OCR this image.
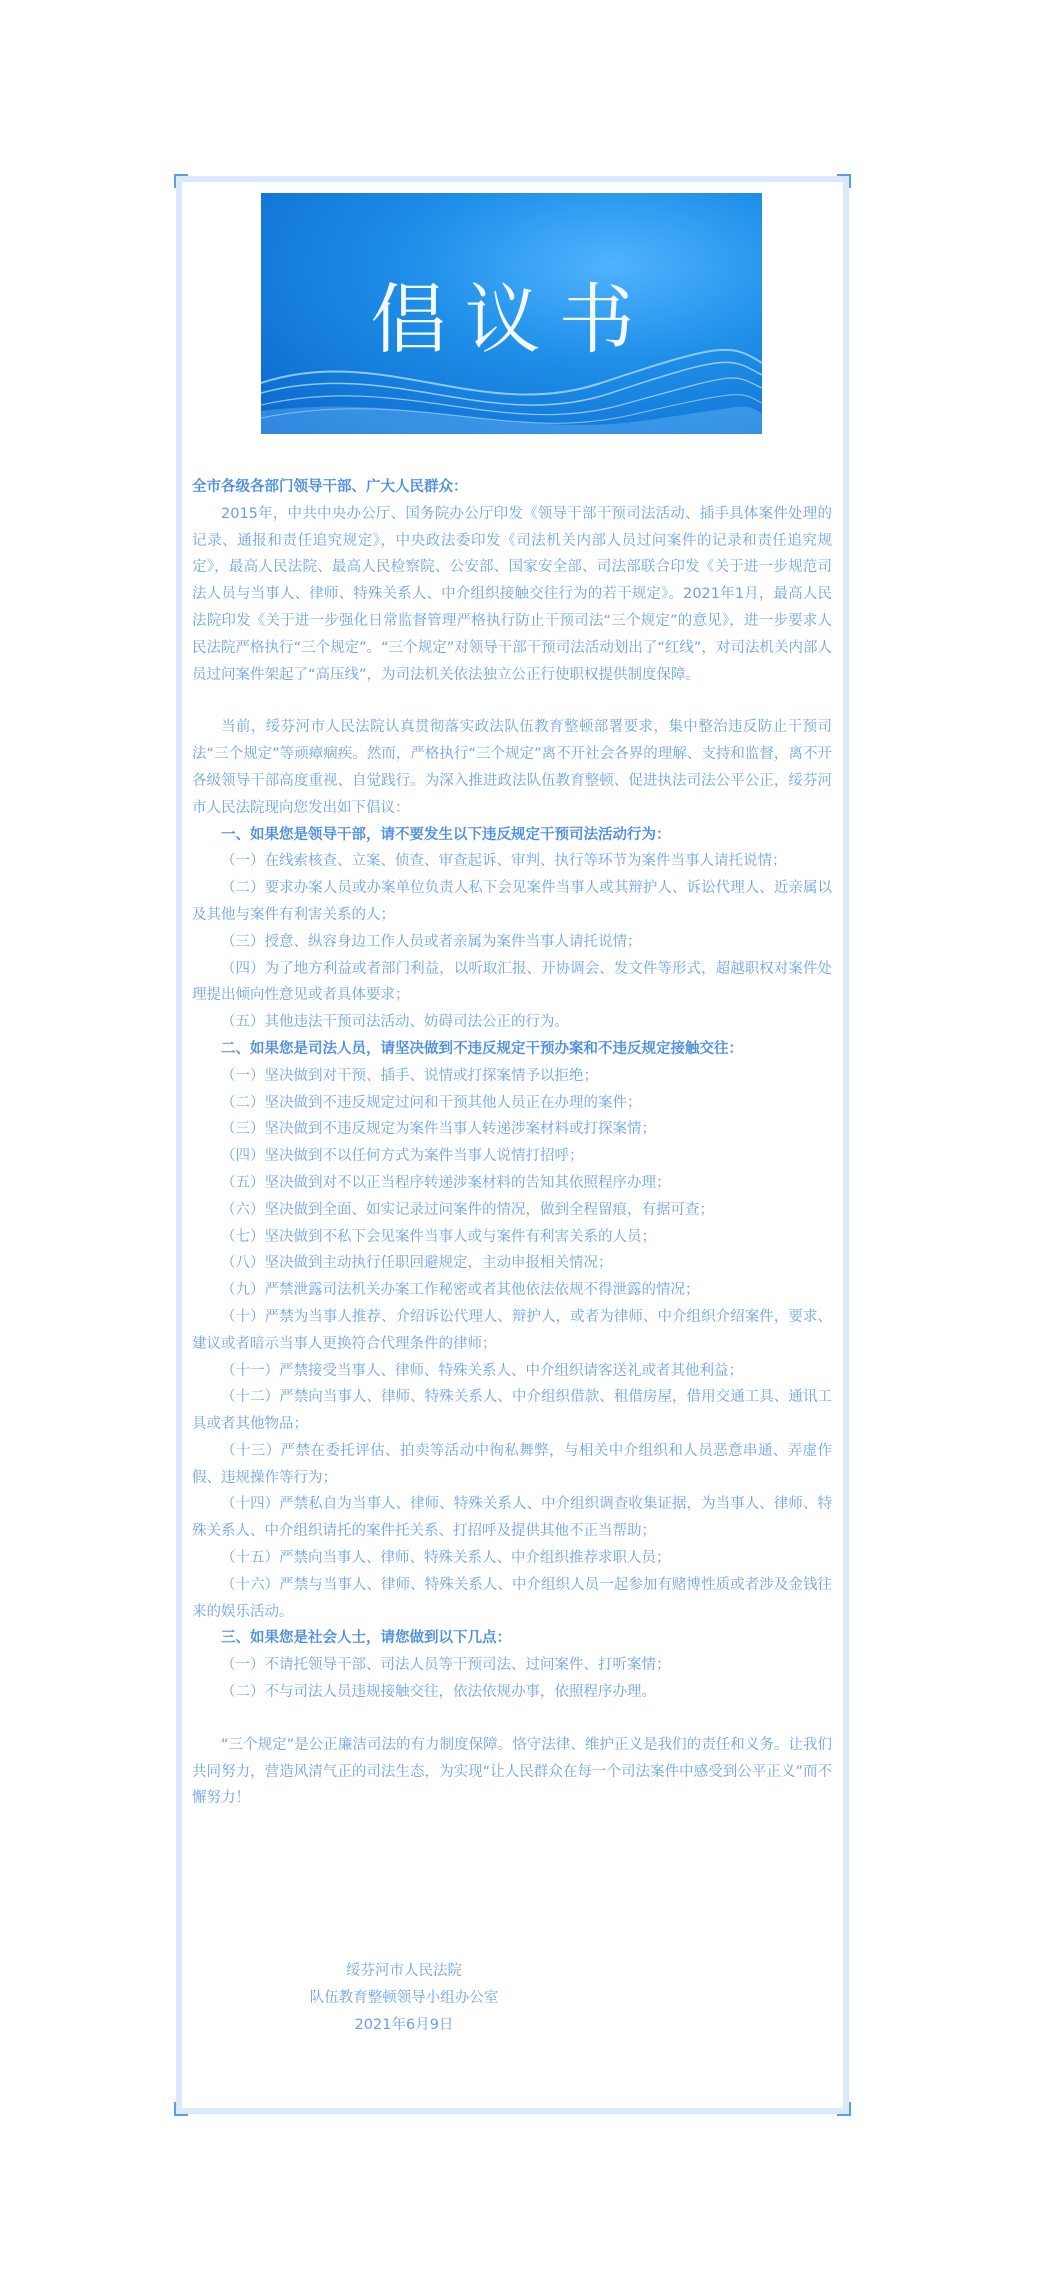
倡议书

全市各级各部门领导干部、广大人民群众：

2015年，中共中央办公厅、国务院办公厅印发《领导干部干预司法活动、插手具体案件处理的记录、通报和责任追究规定》，中央政法委印发《司法机关内部人员过问案件的记录和责任追究规定》，最高人民法院、最高人民检察院、公安部、国家安全部、司法部联合印发《关于进一步规范司法人员与当事人、律师、特殊关系人、中介组织接触交往行为的若干规定》。2021年1月，最高人民法院印发《关于进一步强化日常监督管理严格执行防止干预司法“三个规定”的意见》，进一步要求人民法院严格执行“三个规定”。“三个规定”对领导干部干预司法活动划出了“红线”，对司法机关内部人员过问案件架起了“高压线”，为司法机关依法独立公正行使职权提供制度保障。

当前，绥芬河市人民法院认真贯彻落实政法队伍教育整顿部署要求，集中整治违反防止干预司法“三个规定”等顽瘴痼疾。然而，严格执行“三个规定”离不开社会各界的理解、支持和监督，离不开各级领导干部高度重视、自觉践行。为深入推进政法队伍教育整顿、促进执法司法公平公正，绥芬河市人民法院现向您发出如下倡议：

一、如果您是领导干部，请不要发生以下违反规定干预司法活动行为：

（一）在线索核查、立案、侦查、审查起诉、审判、执行等环节为案件当事人请托说情；

（二）要求办案人员或办案单位负责人私下会见案件当事人或其辩护人、诉讼代理人、近亲属以及其他与案件有利害关系的人；

（三）授意、纵容身边工作人员或者亲属为案件当事人请托说情；

（四）为了地方利益或者部门利益，以听取汇报、开协调会、发文件等形式，超越职权对案件处理提出倾向性意见或者具体要求；

（五）其他违法干预司法活动、妨碍司法公正的行为。

二、如果您是司法人员，请坚决做到不违反规定干预办案和不违反规定接触交往：

（一）坚决做到对干预、插手、说情或打探案情予以拒绝；

（二）坚决做到不违反规定过问和干预其他人员正在办理的案件；

（三）坚决做到不违反规定为案件当事人转递涉案材料或打探案情；

（四）坚决做到不以任何方式为案件当事人说情打招呼；

（五）坚决做到对不以正当程序转递涉案材料的告知其依照程序办理；

（六）坚决做到全面、如实记录过问案件的情况，做到全程留痕，有据可查；

（七）坚决做到不私下会见案件当事人或与案件有利害关系的人员；

（八）坚决做到主动执行任职回避规定，主动申报相关情况；

（九）严禁泄露司法机关办案工作秘密或者其他依法依规不得泄露的情况；

（十）严禁为当事人推荐、介绍诉讼代理人、辩护人，或者为律师、中介组织介绍案件，要求、建议或者暗示当事人更换符合代理条件的律师；

（十一）严禁接受当事人、律师、特殊关系人、中介组织请客送礼或者其他利益；

（十二）严禁向当事人、律师、特殊关系人、中介组织借款、租借房屋，借用交通工具、通讯工具或者其他物品；

（十三）严禁在委托评估、拍卖等活动中徇私舞弊，与相关中介组织和人员恶意串通、弄虚作假、违规操作等行为；

（十四）严禁私自为当事人、律师、特殊关系人、中介组织调查收集证据，为当事人、律师、特殊关系人、中介组织请托的案件托关系、打招呼及提供其他不正当帮助；

（十五）严禁向当事人、律师、特殊关系人、中介组织推荐求职人员；

（十六）严禁与当事人、律师、特殊关系人、中介组织人员一起参加有赌博性质或者涉及金钱往来的娱乐活动。

三、如果您是社会人士，请您做到以下几点：

（一）不请托领导干部、司法人员等干预司法、过问案件、打听案情；

（二）不与司法人员违规接触交往，依法依规办事，依照程序办理。

“三个规定”是公正廉洁司法的有力制度保障。恪守法律、维护正义是我们的责任和义务。让我们共同努力，营造风清气正的司法生态，为实现“让人民群众在每一个司法案件中感受到公平正义”而不懈努力！

绥芬河市人民法院
队伍教育整顿领导小组办公室
2021年6月9日
